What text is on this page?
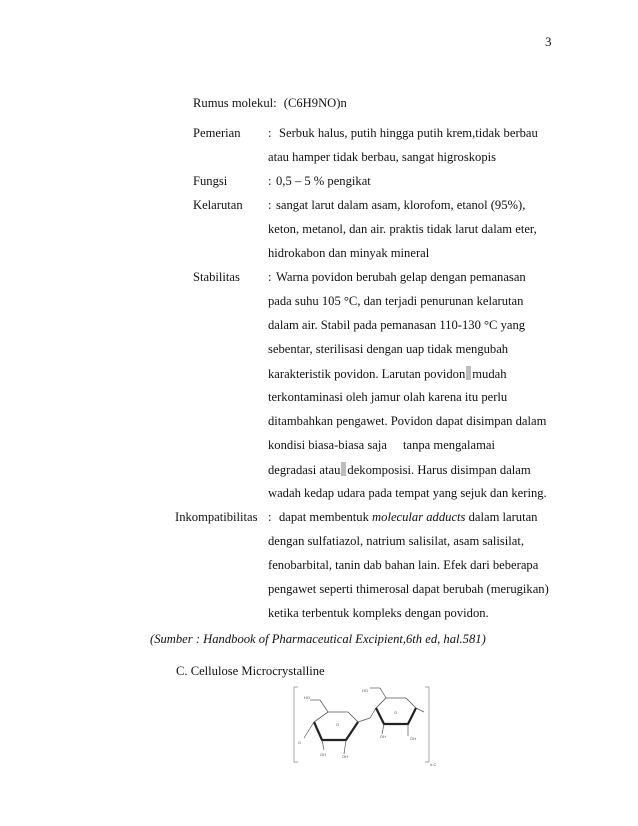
3
Rumus molekul: (C6H9NO)n
Pemerian : Serbuk halus, putih hingga putih krem,tidak berbau
atau hamper tidak berbau, sangat higroskopis
Fungsi	: 0,5 – 5 % pengikat
Kelarutan : sangat larut dalam asam, klorofom, etanol (95%),
keton, metanol, dan air. praktis tidak larut dalam eter,
hidrokabon dan minyak mineral
Stabilitas : Warna povidon berubah gelap dengan pemanasan
pada suhu 105 °C, dan terjadi penurunan kelarutan
dalam air. Stabil pada pemanasan 110-130 °C yang
sebentar, sterilisasi dengan uap tidak mengubah
karakteristik povidon. Larutan povidon mudah
terkontaminasi oleh jamur olah karena itu perlu
ditambahkan pengawet. Povidon dapat disimpan dalam
kondisi biasa-biasa saja tanpa mengalamai
degradasi atau dekomposisi. Harus disimpan dalam
wadah kedap udara pada tempat yang sejuk dan kering.
Inkompatibilitas : dapat membentuk molecular adducts dalam larutan
dengan sulfatiazol, natrium salisilat, asam salisilat,
fenobarbital, tanin dab bahan lain. Efek dari beberapa
pengawet seperti thimerosal dapat berubah (merugikan)
ketika terbentuk kompleks dengan povidon.
(Sumber : Handbook of Pharmaceutical Excipient,6th ed, hal.581)
C. Cellulose Microcrystalline
HO
HO
O
O
OH
OH	OH
OH
O
n-C
